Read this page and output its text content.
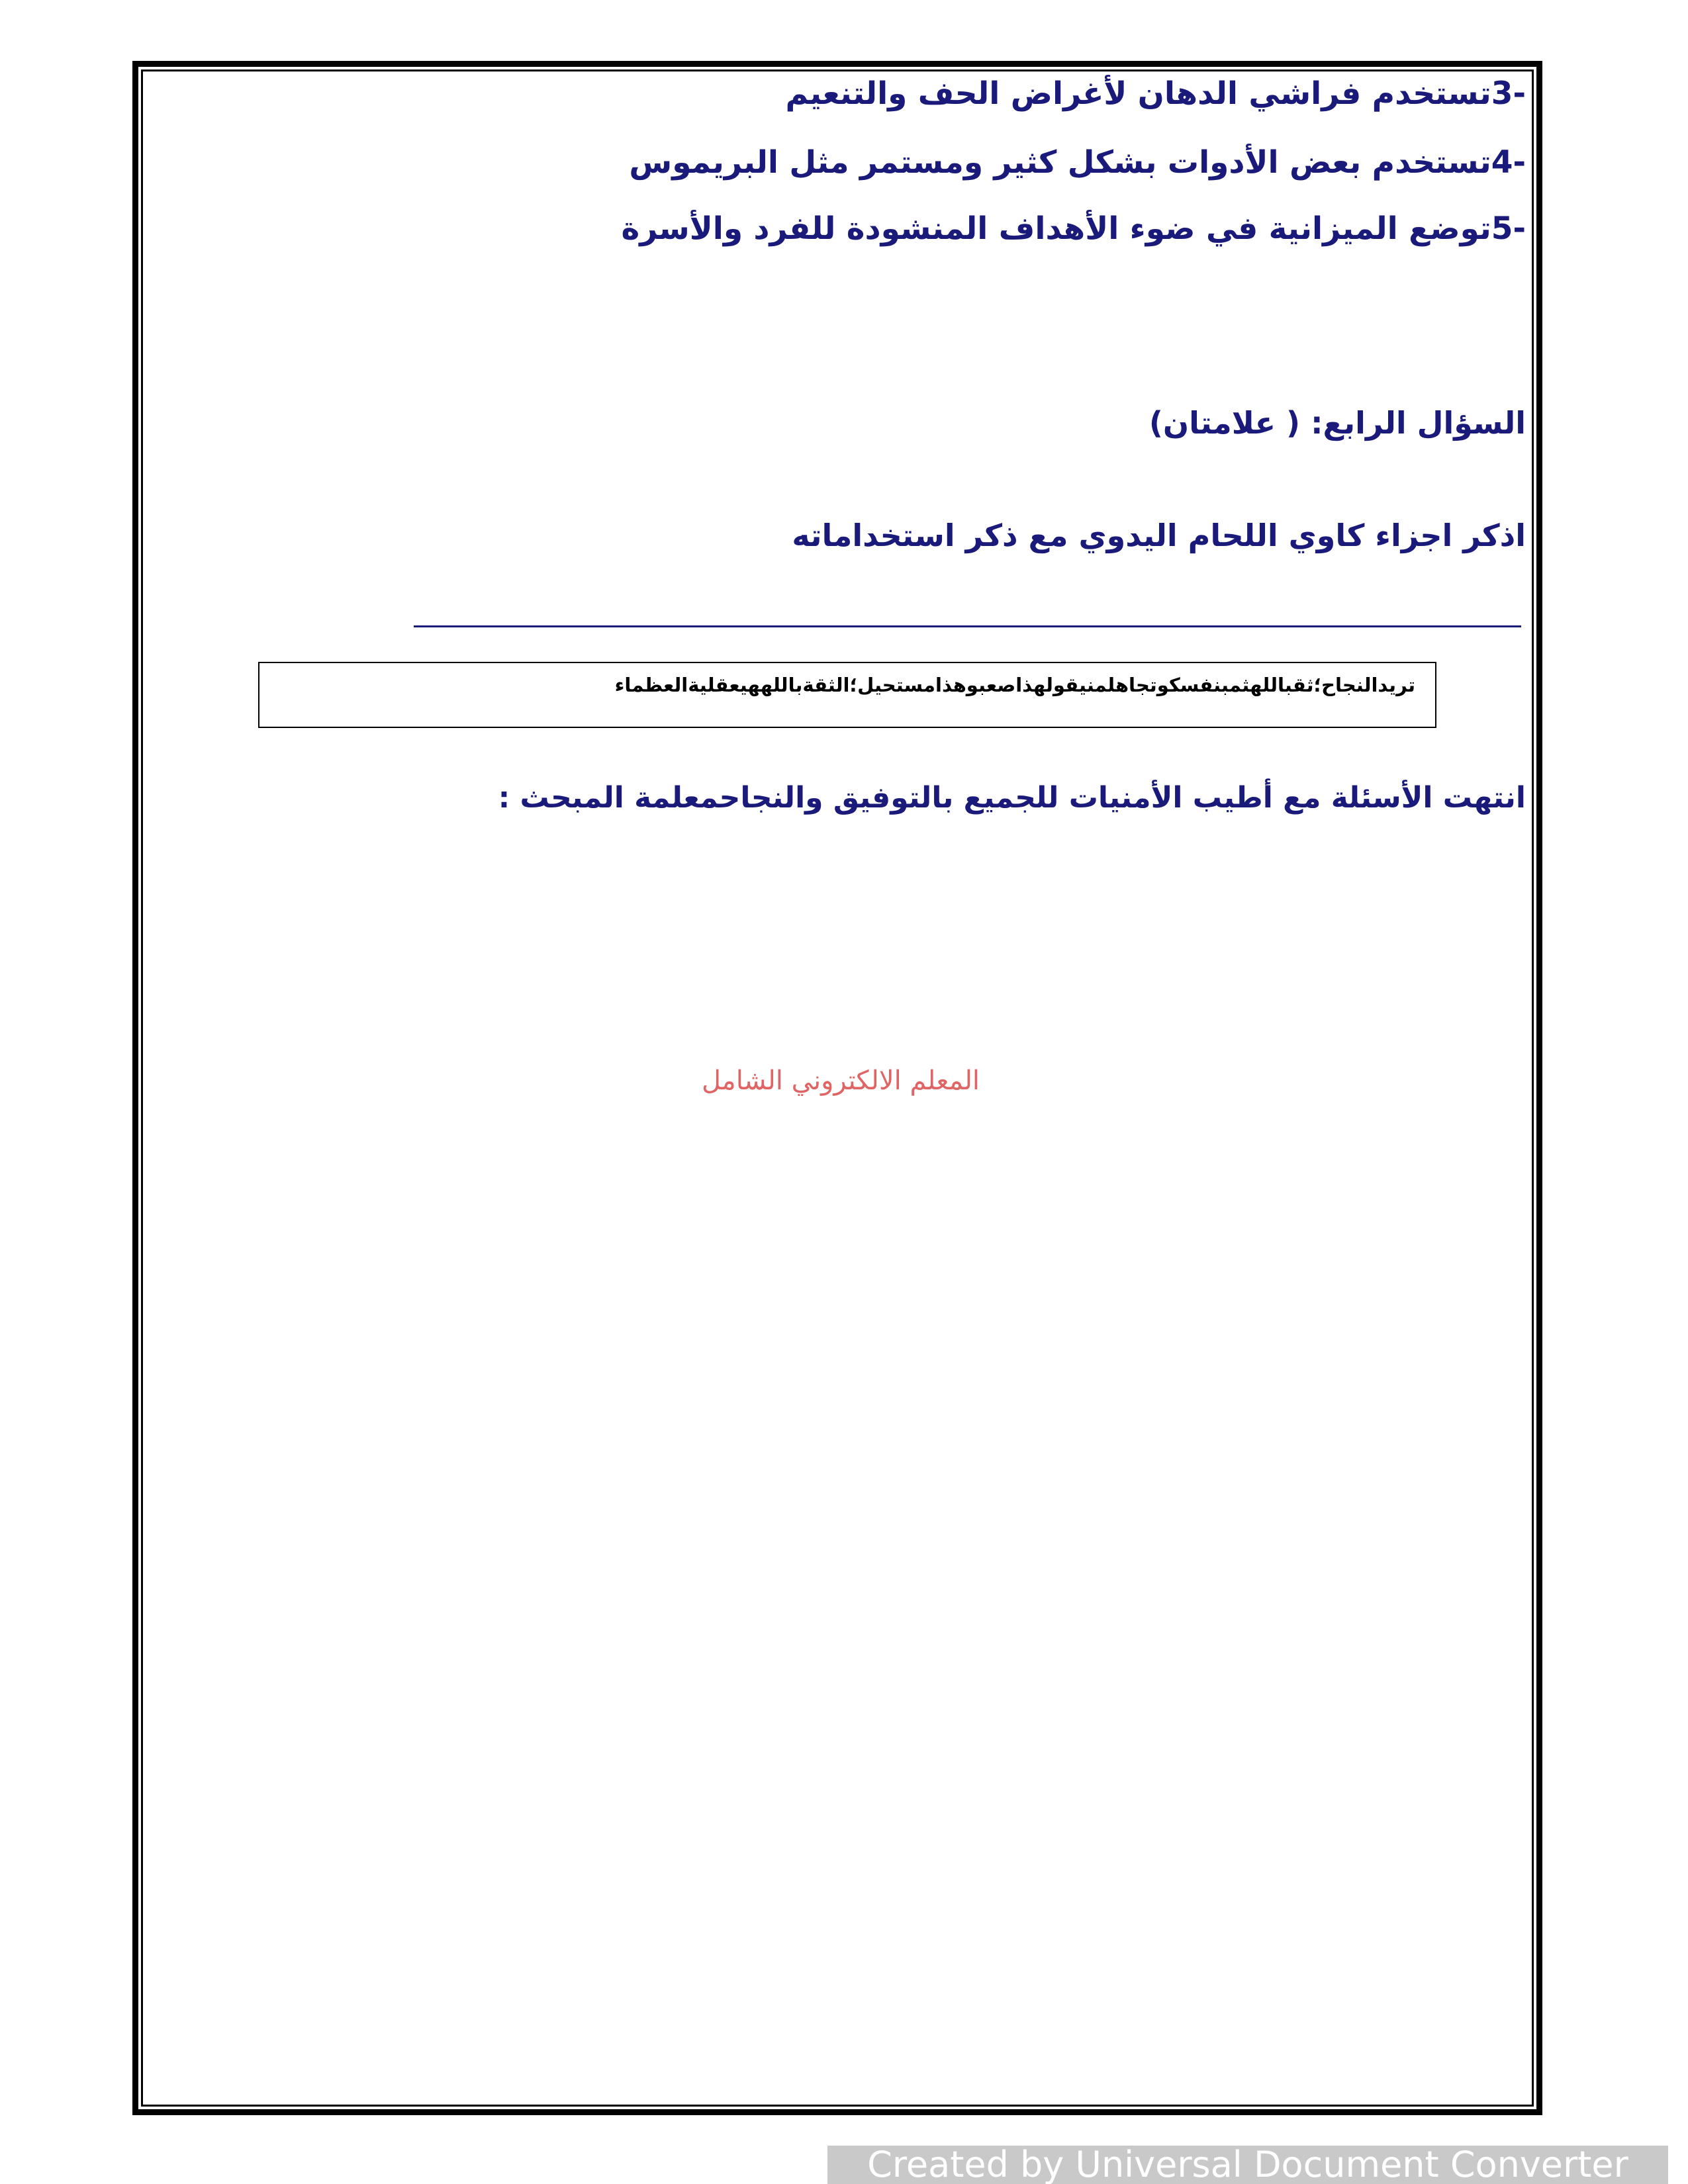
-3تستخدم فراشي الدهان لأغراض الحف والتنعيم
-4تستخدم بعض الأدوات بشكل كثير ومستمر مثل البريموس
-5توضع الميزانية في ضوء الأهداف المنشودة للفرد والأسرة
السؤال الرابع: ( علامتان)
اذكر اجزاء كاوي اللحام اليدوي مع ذكر استخداماته
تريدالنجاح؛ثقباللهثمبنفسكوتجاهلمنيقولهذاصعبوهذامستحيل؛الثقةباللههيعقليةالعظماء
انتهت الأسئلة مع أطيب الأمنيات للجميع بالتوفيق والنجاحمعلمة المبحث :
المعلم الالكتروني الشامل
Created by Universal Document Converter
